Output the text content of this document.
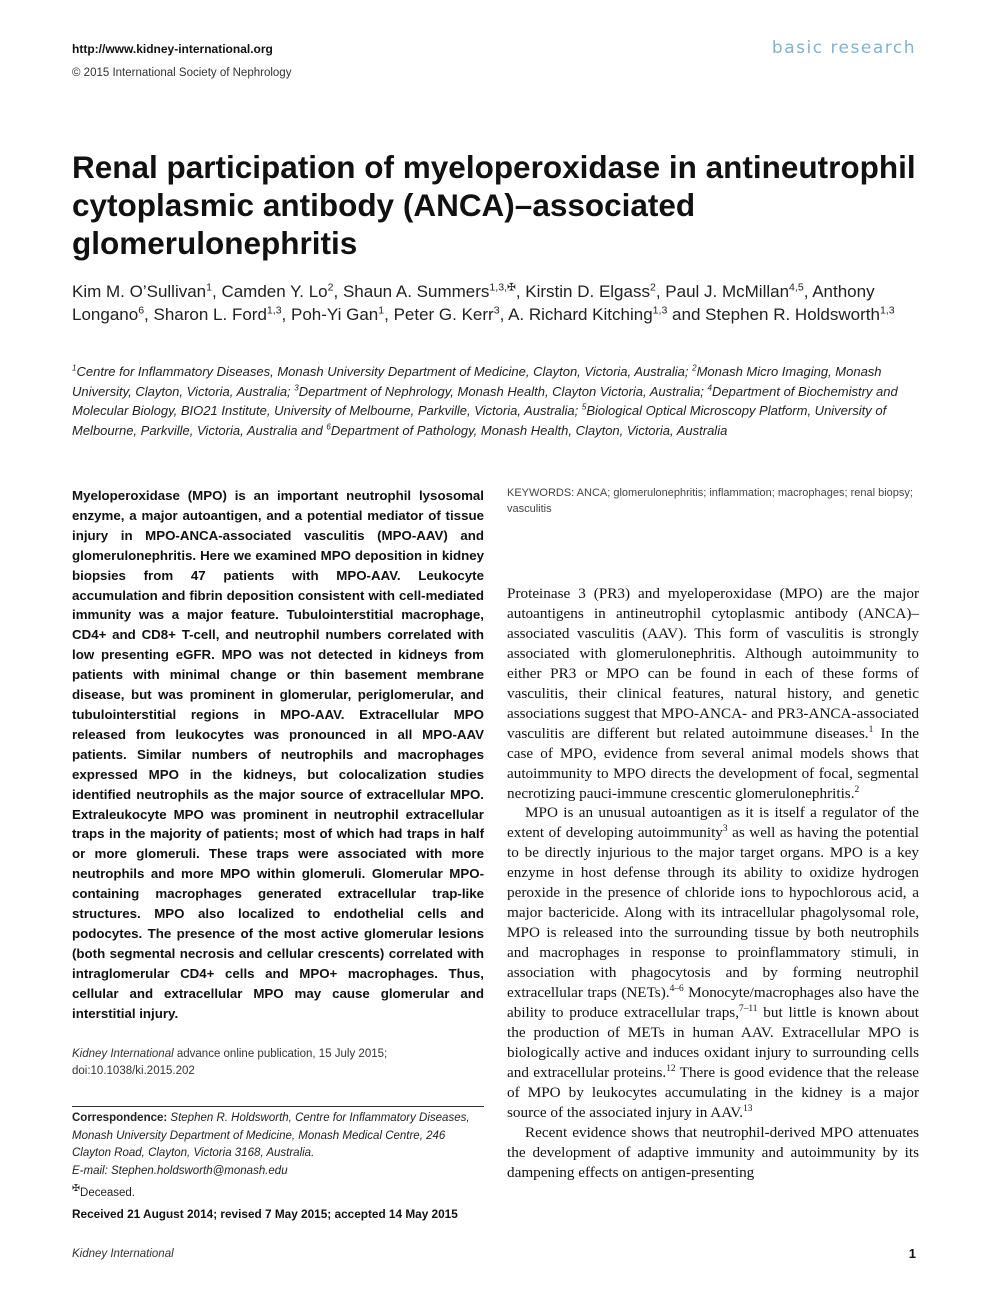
http://www.kidney-international.org	basic research
© 2015 International Society of Nephrology
Renal participation of myeloperoxidase in antineutrophil cytoplasmic antibody (ANCA)–associated glomerulonephritis
Kim M. O’Sullivan$^1$, Camden Y. Lo$^2$, Shaun A. Summers$^{1,3,✠}$, Kirstin D. Elgass$^2$, Paul J. McMillan$^{4,5}$, Anthony Longano$^6$, Sharon L. Ford$^{1,3}$, Poh-Yi Gan$^1$, Peter G. Kerr$^3$, A. Richard Kitching$^{1,3}$ and Stephen R. Holdsworth$^{1,3}$
$^1$Centre for Inflammatory Diseases, Monash University Department of Medicine, Clayton, Victoria, Australia; $^2$Monash Micro Imaging, Monash University, Clayton, Victoria, Australia; $^3$Department of Nephrology, Monash Health, Clayton Victoria, Australia; $^4$Department of Biochemistry and Molecular Biology, BIO21 Institute, University of Melbourne, Parkville, Victoria, Australia; $^5$Biological Optical Microscopy Platform, University of Melbourne, Parkville, Victoria, Australia and $^6$Department of Pathology, Monash Health, Clayton, Victoria, Australia
Myeloperoxidase (MPO) is an important neutrophil lysosomal enzyme, a major autoantigen, and a potential mediator of tissue injury in MPO-ANCA-associated vasculitis (MPO-AAV) and glomerulonephritis. Here we examined MPO deposition in kidney biopsies from 47 patients with MPO-AAV. Leukocyte accumulation and fibrin deposition consistent with cell-mediated immunity was a major feature. Tubulointerstitial macrophage, CD4+ and CD8+ T-cell, and neutrophil numbers correlated with low presenting eGFR. MPO was not detected in kidneys from patients with minimal change or thin basement membrane disease, but was prominent in glomerular, periglomerular, and tubulointerstitial regions in MPO-AAV. Extracellular MPO released from leukocytes was pronounced in all MPO-AAV patients. Similar numbers of neutrophils and macrophages expressed MPO in the kidneys, but colocalization studies identified neutrophils as the major source of extracellular MPO. Extraleukocyte MPO was prominent in neutrophil extracellular traps in the majority of patients; most of which had traps in half or more glomeruli. These traps were associated with more neutrophils and more MPO within glomeruli. Glomerular MPO-containing macrophages generated extracellular trap-like structures. MPO also localized to endothelial cells and podocytes. The presence of the most active glomerular lesions (both segmental necrosis and cellular crescents) correlated with intraglomerular CD4+ cells and MPO+ macrophages. Thus, cellular and extracellular MPO may cause glomerular and interstitial injury.
Kidney International advance online publication, 15 July 2015;
doi:10.1038/ki.2015.202
Correspondence: Stephen R. Holdsworth, Centre for Inflammatory Diseases, Monash University Department of Medicine, Monash Medical Centre, 246 Clayton Road, Clayton, Victoria 3168, Australia.
E-mail: Stephen.holdsworth@monash.edu
✠Deceased.
Received 21 August 2014; revised 7 May 2015; accepted 14 May 2015
KEYWORDS: ANCA; glomerulonephritis; inflammation; macrophages; renal biopsy; vasculitis

Proteinase 3 (PR3) and myeloperoxidase (MPO) are the major autoantigens in antineutrophil cytoplasmic antibody (ANCA)–associated vasculitis (AAV). This form of vasculitis is strongly associated with glomerulonephritis. Although autoimmunity to either PR3 or MPO can be found in each of these forms of vasculitis, their clinical features, natural history, and genetic associations suggest that MPO-ANCA- and PR3-ANCA-associated vasculitis are different but related autoimmune diseases.$^1$ In the case of MPO, evidence from several animal models shows that autoimmunity to MPO directs the development of focal, segmental necrotizing pauci-immune crescentic glomerulonephritis.$^2$

MPO is an unusual autoantigen as it is itself a regulator of the extent of developing autoimmunity$^3$ as well as having the potential to be directly injurious to the major target organs. MPO is a key enzyme in host defense through its ability to oxidize hydrogen peroxide in the presence of chloride ions to hypochlorous acid, a major bactericide. Along with its intracellular phagolysomal role, MPO is released into the surrounding tissue by both neutrophils and macrophages in response to proinflammatory stimuli, in association with phagocytosis and by forming neutrophil extracellular traps (NETs).$^{4-6}$ Monocyte/macrophages also have the ability to produce extracellular traps,$^{7-11}$ but little is known about the production of METs in human AAV. Extracellular MPO is biologically active and induces oxidant injury to surrounding cells and extracellular proteins.$^{12}$ There is good evidence that the release of MPO by leukocytes accumulating in the kidney is a major source of the associated injury in AAV.$^{13}$

Recent evidence shows that neutrophil-derived MPO attenuates the development of adaptive immunity and autoimmunity by its dampening effects on antigen-presenting

Kidney International	1
